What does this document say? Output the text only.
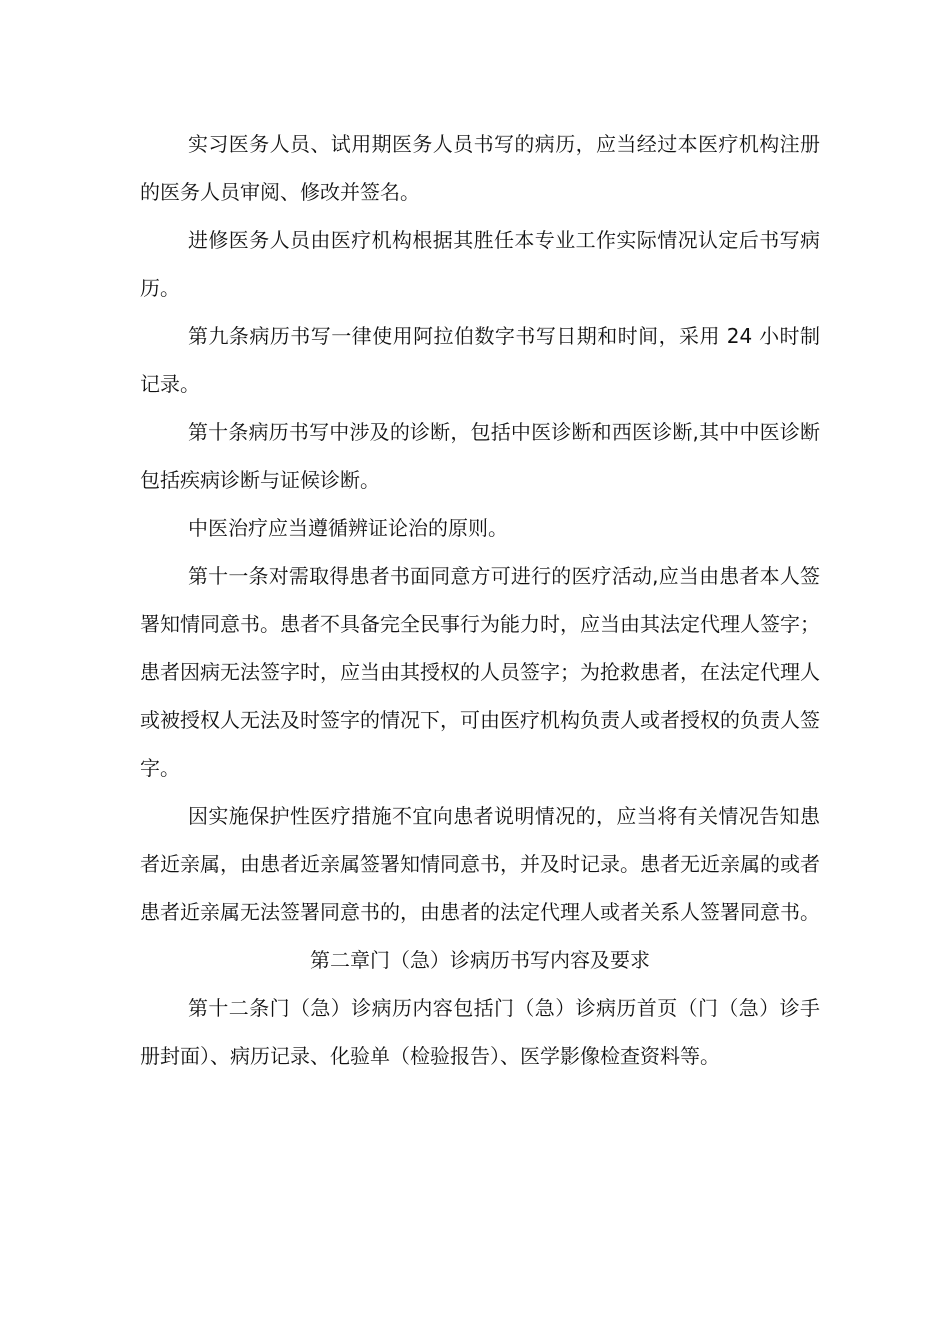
实习医务人员、试用期医务人员书写的病历，应当经过本医疗机构注册的医务人员审阅、修改并签名。

进修医务人员由医疗机构根据其胜任本专业工作实际情况认定后书写病历。

第九条病历书写一律使用阿拉伯数字书写日期和时间，采用 24 小时制记录。

第十条病历书写中涉及的诊断，包括中医诊断和西医诊断,其中中医诊断包括疾病诊断与证候诊断。

中医治疗应当遵循辨证论治的原则。

第十一条对需取得患者书面同意方可进行的医疗活动,应当由患者本人签署知情同意书。患者不具备完全民事行为能力时，应当由其法定代理人签字；患者因病无法签字时，应当由其授权的人员签字；为抢救患者，在法定代理人或被授权人无法及时签字的情况下，可由医疗机构负责人或者授权的负责人签字。

因实施保护性医疗措施不宜向患者说明情况的，应当将有关情况告知患者近亲属，由患者近亲属签署知情同意书，并及时记录。患者无近亲属的或者患者近亲属无法签署同意书的，由患者的法定代理人或者关系人签署同意书。

第二章门（急）诊病历书写内容及要求

第十二条门（急）诊病历内容包括门（急）诊病历首页（门（急）诊手册封面）、病历记录、化验单（检验报告）、医学影像检查资料等。
